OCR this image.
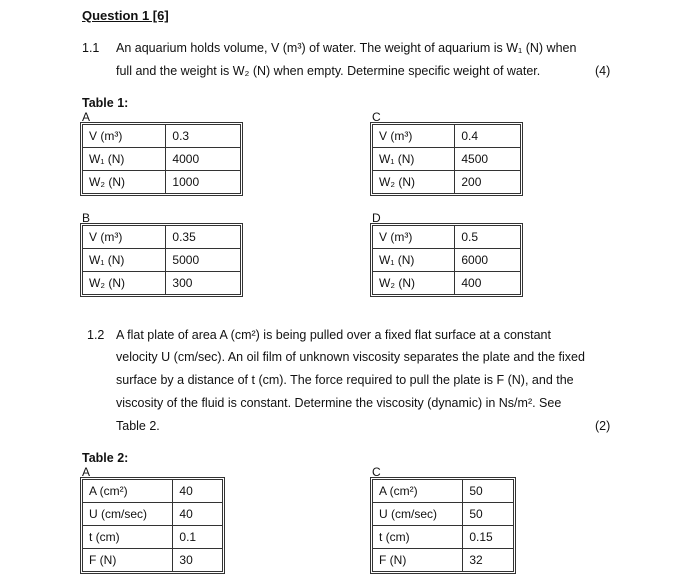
Question 1 [6]
1.1 An aquarium holds volume, V (m³) of water. The weight of aquarium is W₁ (N) when
full and the weight is W₂ (N) when empty. Determine specific weight of water.	(4)
Table 1:
A
V (m³)	0.3
W₁ (N)	4000
W₂ (N)	1000
C
V (m³)	0.4
W₁ (N)	4500
W₂ (N)	200
B
V (m³)	0.35
W₁ (N)	5000
W₂ (N)	300
D
V (m³)	0.5
W₁ (N)	6000
W₂ (N)	400
1.2 A flat plate of area A (cm²) is being pulled over a fixed flat surface at a constant
velocity U (cm/sec). An oil film of unknown viscosity separates the plate and the fixed
surface by a distance of t (cm). The force required to pull the plate is F (N), and the
viscosity of the fluid is constant. Determine the viscosity (dynamic) in Ns/m². See
Table 2.	(2)
Table 2:
A
A (cm²)	40
U (cm/sec)	40
t (cm)	0.1
F (N)	30
C
A (cm²)	50
U (cm/sec)	50
t (cm)	0.15
F (N)	32
